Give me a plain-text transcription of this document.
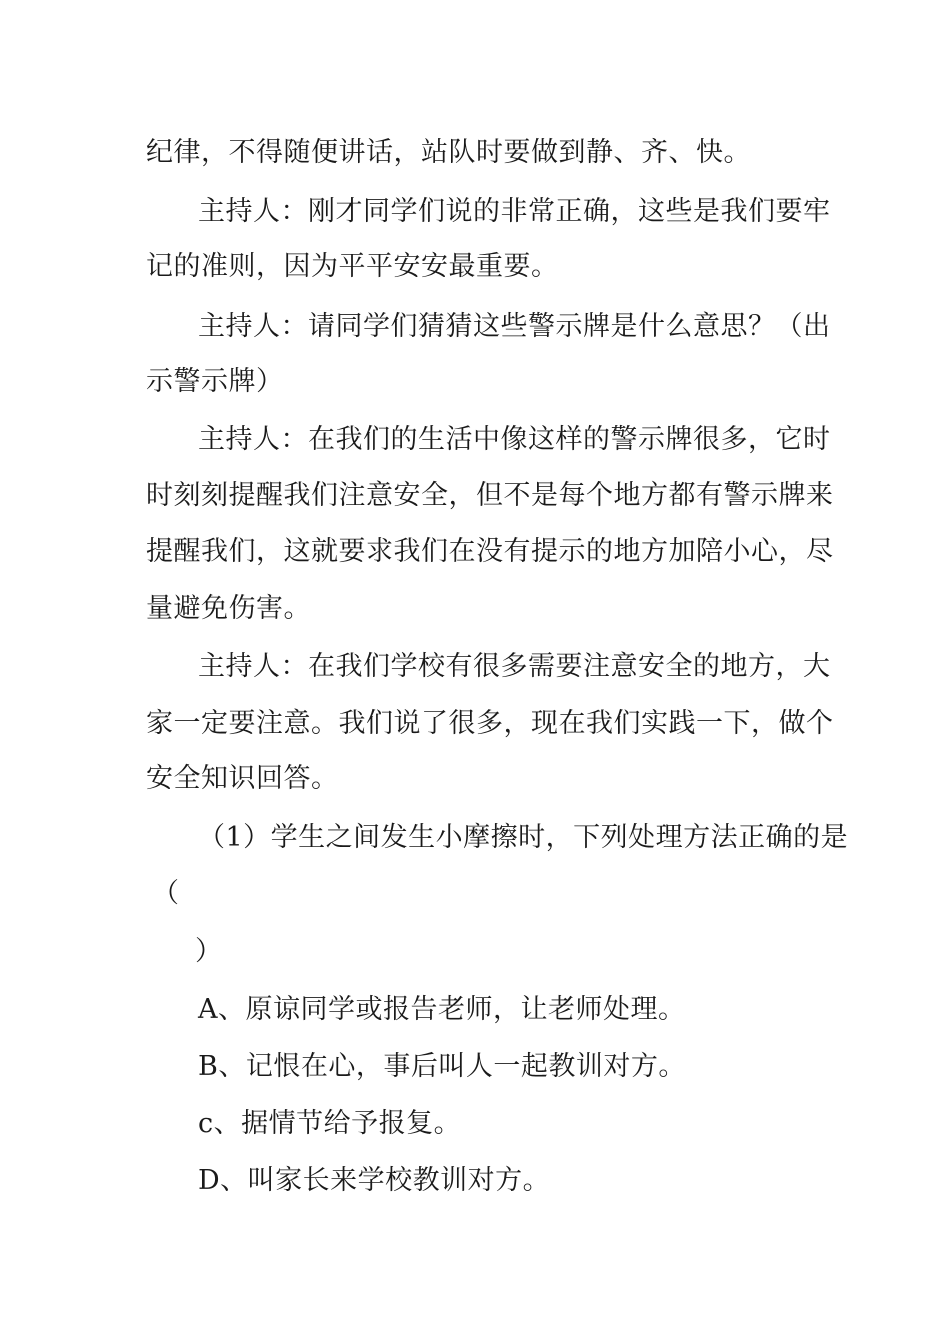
纪律，不得随便讲话，站队时要做到静、齐、快。
主持人：刚才同学们说的非常正确，这些是我们要牢
记的准则，因为平平安安最重要。
主持人：请同学们猜猜这些警示牌是什么意思？（出
示警示牌）
主持人：在我们的生活中像这样的警示牌很多，它时
时刻刻提醒我们注意安全，但不是每个地方都有警示牌来
提醒我们，这就要求我们在没有提示的地方加陪小心，尽
量避免伤害。
主持人：在我们学校有很多需要注意安全的地方，大
家一定要注意。我们说了很多，现在我们实践一下，做个
安全知识回答。
（1）学生之间发生小摩擦时，下列处理方法正确的是
（
）
A、原谅同学或报告老师，让老师处理。
B、记恨在心，事后叫人一起教训对方。
c、据情节给予报复。
D、叫家长来学校教训对方。
